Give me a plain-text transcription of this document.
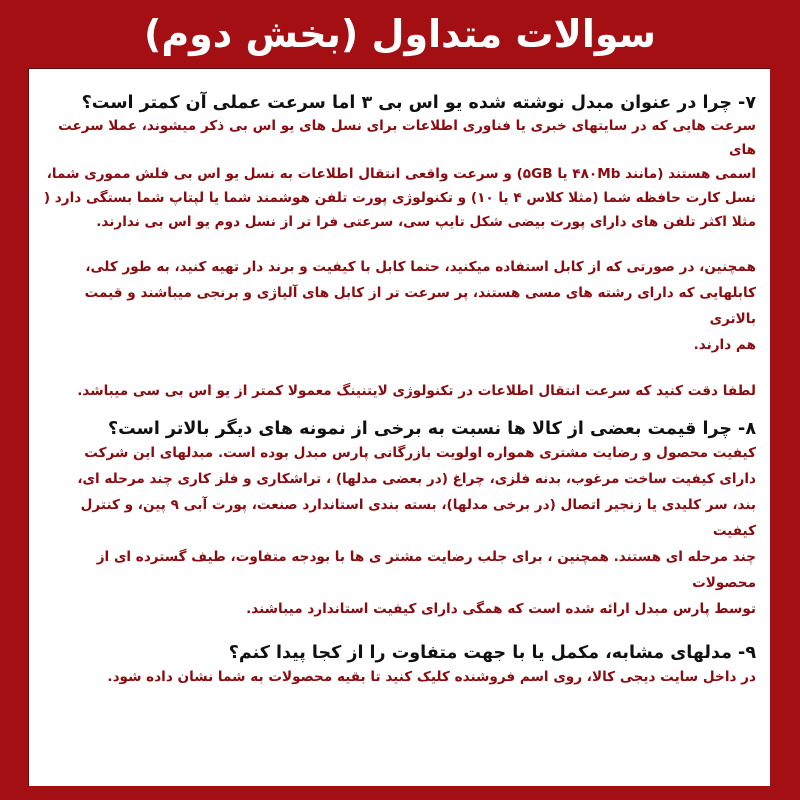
سوالات متداول (بخش دوم)

۷- چرا در عنوان مبدل نوشته شده یو اس بی ۳ اما سرعت عملی آن کمتر است؟

سرعت هایی که در سایتهای خبری یا فناوری اطلاعات برای نسل های یو اس بی ذکر میشوند، عملا سرعت های

اسمی هستند (مانند ۴۸۰Mb یا ۵GB) و سرعت واقعی انتقال اطلاعات به نسل یو اس بی فلش مموری شما،

نسل کارت حافظه شما (مثلا کلاس ۴ یا ۱۰) و تکنولوژی پورت تلفن هوشمند شما یا لپتاپ شما بستگی دارد (

مثلا اکثر تلفن های دارای پورت بیضی شکل تایپ سی، سرعتی فرا تر از نسل دوم یو اس بی ندارند.

همچنین، در صورتی که از کابل استفاده میکنید، حتما کابل با کیفیت و برند دار تهیه کنید، به طور کلی،

کابلهایی که دارای رشته های مسی هستند، پر سرعت تر از کابل های آلیاژی و برنجی میباشند و قیمت بالاتری

هم دارند.

لطفا دقت کنید که سرعت انتقال اطلاعات در تکنولوژی لایتنینگ معمولا کمتر از یو اس بی سی میباشد.

۸- چرا قیمت بعضی از کالا ها نسبت به برخی از نمونه های دیگر بالاتر است؟

کیفیت محصول و رضایت مشتری همواره اولویت بازرگانی پارس مبدل بوده است. مبدلهای این شرکت

دارای کیفیت ساخت مرغوب، بدنه فلزی، چراغ (در بعضی مدلها) ، تراشکاری و فلز کاری چند مرحله ای،

بند، سر کلیدی یا زنجیر اتصال (در برخی مدلها)، بسته بندی استاندارد صنعت، پورت آبی ۹ پین، و کنترل کیفیت

چند مرحله ای هستند. همچنین ، برای جلب رضایت مشتر ی ها با بودجه متفاوت، طیف گسترده ای از محصولات

توسط پارس مبدل ارائه شده است که همگی دارای کیفیت استاندارد میباشند.

۹- مدلهای مشابه، مکمل یا با جهت متفاوت را از کجا پیدا کنم؟

در داخل سایت دیجی کالا، روی اسم فروشنده کلیک کنید تا بقیه محصولات به شما نشان داده شود.
